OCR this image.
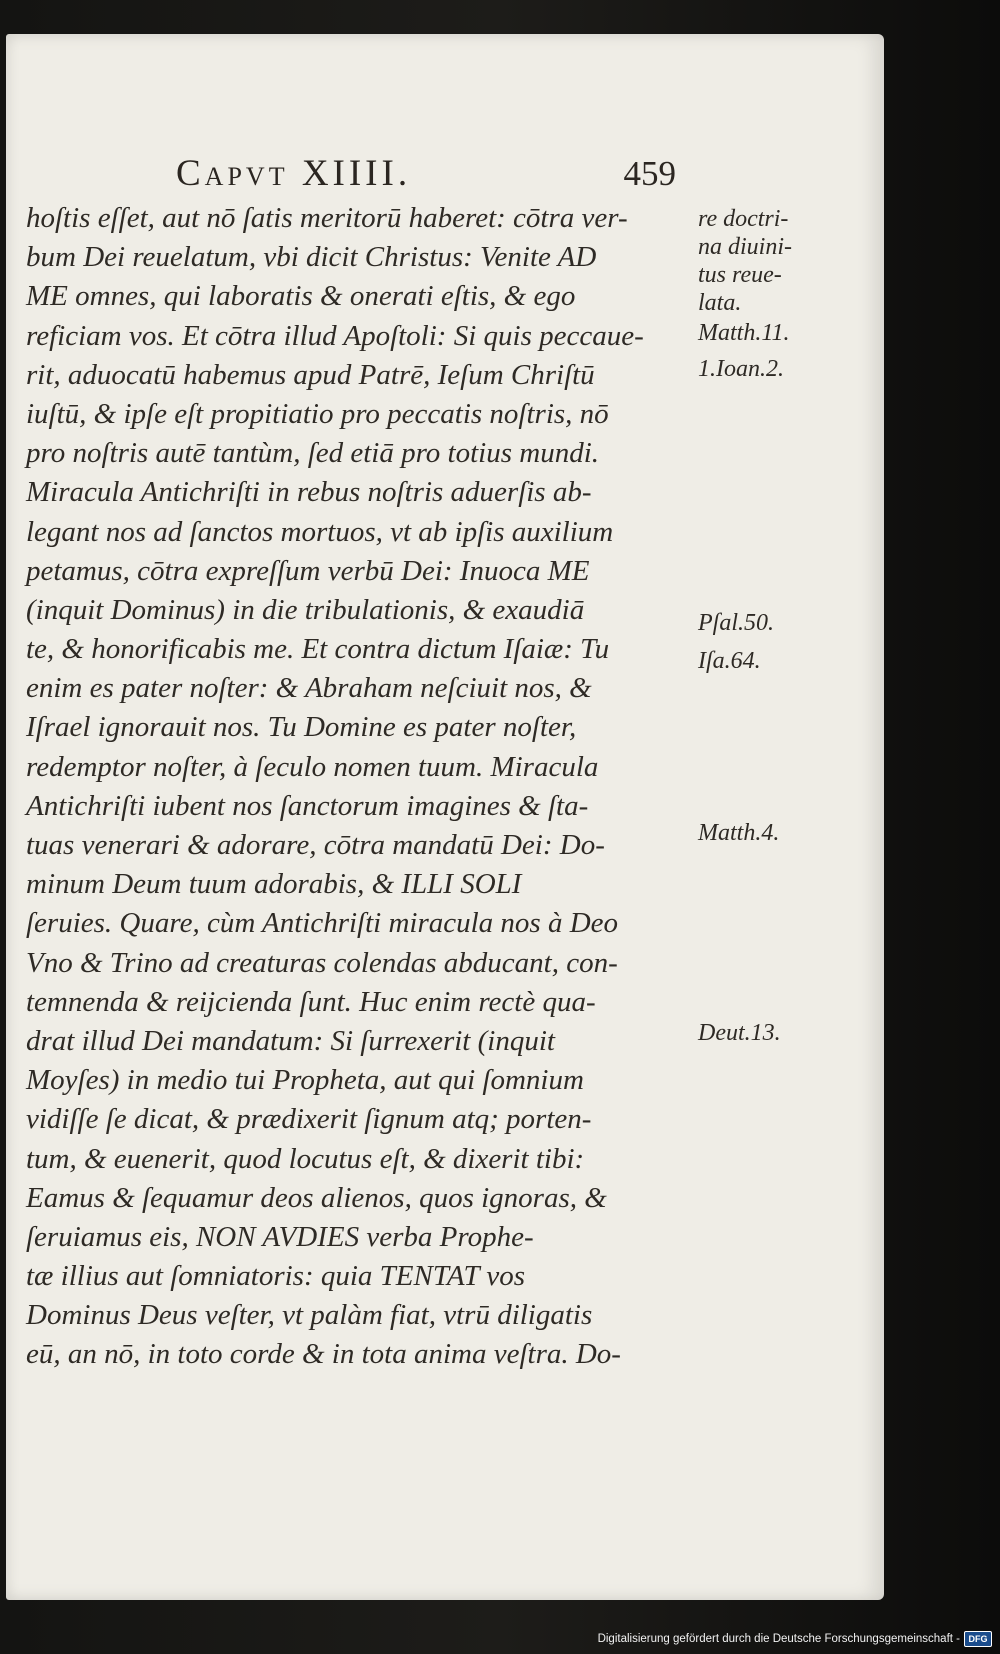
Capvt XIIII.	459
hoſtis eſſet, aut nō ſatis meritorū haberet: cōtra ver-
bum Dei reuelatum, vbi dicit Christus: Venite AD
ME omnes, qui laboratis & onerati eſtis, & ego
reficiam vos. Et cōtra illud Apoſtoli: Si quis peccaue-
rit, aduocatū habemus apud Patrē, Ieſum Chriſtū
iuſtū, & ipſe eſt propitiatio pro peccatis noſtris, nō
pro noſtris autē tantùm, ſed etiā pro totius mundi.
Miracula Antichriſti in rebus noſtris aduerſis ab-
legant nos ad ſanctos mortuos, vt ab ipſis auxilium
petamus, cōtra expreſſum verbū Dei: Inuoca ME
(inquit Dominus) in die tribulationis, & exaudiā
te, & honorificabis me. Et contra dictum Iſaiæ: Tu
enim es pater noſter: & Abraham neſciuit nos, &
Iſrael ignorauit nos. Tu Domine es pater noſter,
redemptor noſter, à ſeculo nomen tuum. Miracula
Antichriſti iubent nos ſanctorum imagines & ſta-
tuas venerari & adorare, cōtra mandatū Dei: Do-
minum Deum tuum adorabis, & ILLI SOLI
ſeruies. Quare, cùm Antichriſti miracula nos à Deo
Vno & Trino ad creaturas colendas abducant, con-
temnenda & reijcienda ſunt. Huc enim rectè qua-
drat illud Dei mandatum: Si ſurrexerit (inquit
Moyſes) in medio tui Propheta, aut qui ſomnium
vidiſſe ſe dicat, & prædixerit ſignum atq; porten-
tum, & euenerit, quod locutus eſt, & dixerit tibi:
Eamus & ſequamur deos alienos, quos ignoras, &
ſeruiamus eis, NON AVDIES verba Prophe-
tæ illius aut ſomniatoris: quia TENTAT vos
Dominus Deus veſter, vt palàm fiat, vtrū diligatis
eū, an nō, in toto corde & in tota anima veſtra. Do-
re doctri-
na diuini-
tus reue-
lata.
Matth.11.
1.Ioan.2.
Pſal.50.
Iſa.64.
Matth.4.
Deut.13.
Digitalisierung gefördert durch die Deutsche Forschungsgemeinschaft - DFG
